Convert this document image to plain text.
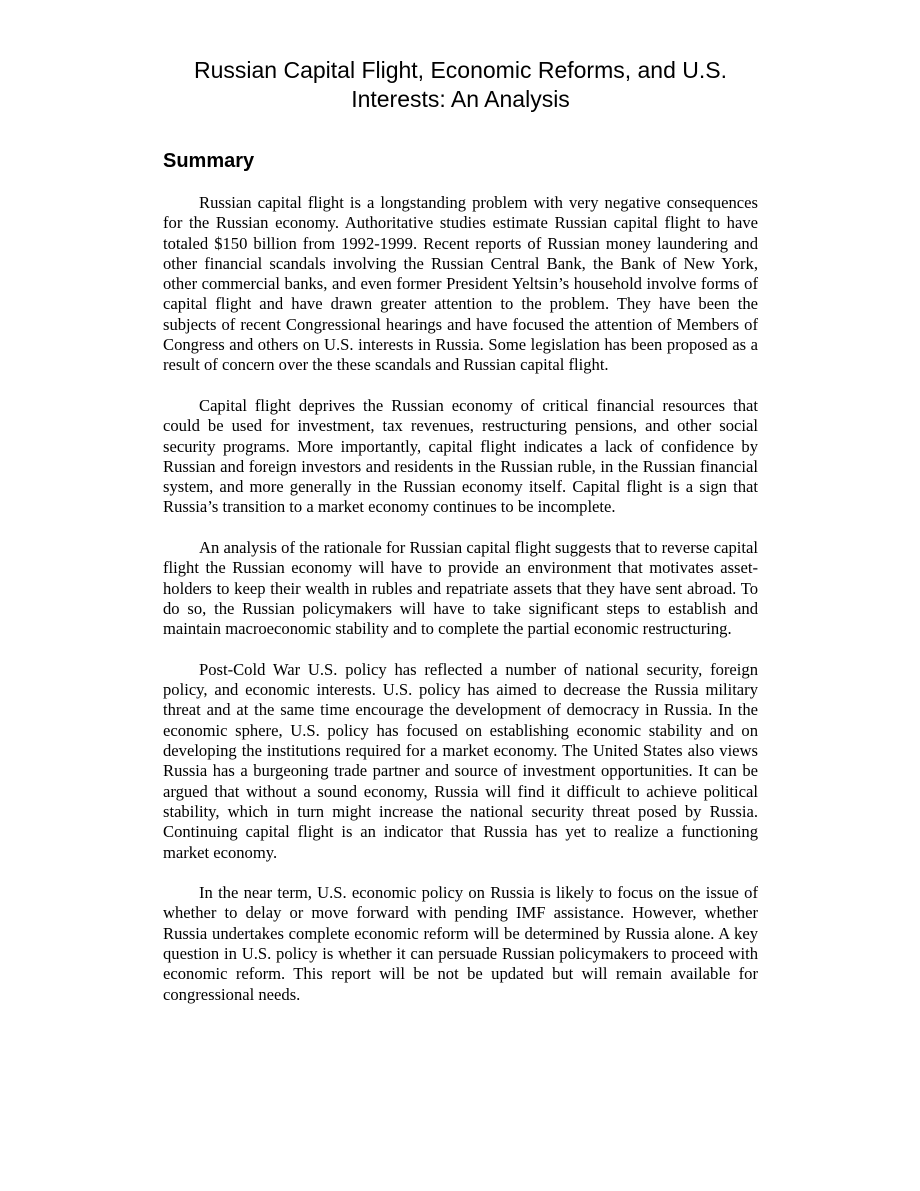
Russian Capital Flight, Economic Reforms, and U.S.
Interests: An Analysis
Summary

Russian capital flight is a longstanding problem with very negative consequences for the Russian economy. Authoritative studies estimate Russian capital flight to have totaled $150 billion from 1992-1999. Recent reports of Russian money laundering and other financial scandals involving the Russian Central Bank, the Bank of New York, other commercial banks, and even former President Yeltsin’s household involve forms of capital flight and have drawn greater attention to the problem. They have been the subjects of recent Congressional hearings and have focused the attention of Members of Congress and others on U.S. interests in Russia. Some legislation has been proposed as a result of concern over the these scandals and Russian capital flight.

Capital flight deprives the Russian economy of critical financial resources that could be used for investment, tax revenues, restructuring pensions, and other social security programs. More importantly, capital flight indicates a lack of confidence by Russian and foreign investors and residents in the Russian ruble, in the Russian financial system, and more generally in the Russian economy itself. Capital flight is a sign that Russia’s transition to a market economy continues to be incomplete.

An analysis of the rationale for Russian capital flight suggests that to reverse capital flight the Russian economy will have to provide an environment that motivates asset- holders to keep their wealth in rubles and repatriate assets that they have sent abroad. To do so, the Russian policymakers will have to take significant steps to establish and maintain macroeconomic stability and to complete the partial economic restructuring.

Post-Cold War U.S. policy has reflected a number of national security, foreign policy, and economic interests. U.S. policy has aimed to decrease the Russia military threat and at the same time encourage the development of democracy in Russia. In the economic sphere, U.S. policy has focused on establishing economic stability and on developing the institutions required for a market economy. The United States also views Russia has a burgeoning trade partner and source of investment opportunities. It can be argued that without a sound economy, Russia will find it difficult to achieve political stability, which in turn might increase the national security threat posed by Russia. Continuing capital flight is an indicator that Russia has yet to realize a functioning market economy.

In the near term, U.S. economic policy on Russia is likely to focus on the issue of whether to delay or move forward with pending IMF assistance. However, whether Russia undertakes complete economic reform will be determined by Russia alone. A key question in U.S. policy is whether it can persuade Russian policymakers to proceed with economic reform. This report will be not be updated but will remain available for congressional needs.
